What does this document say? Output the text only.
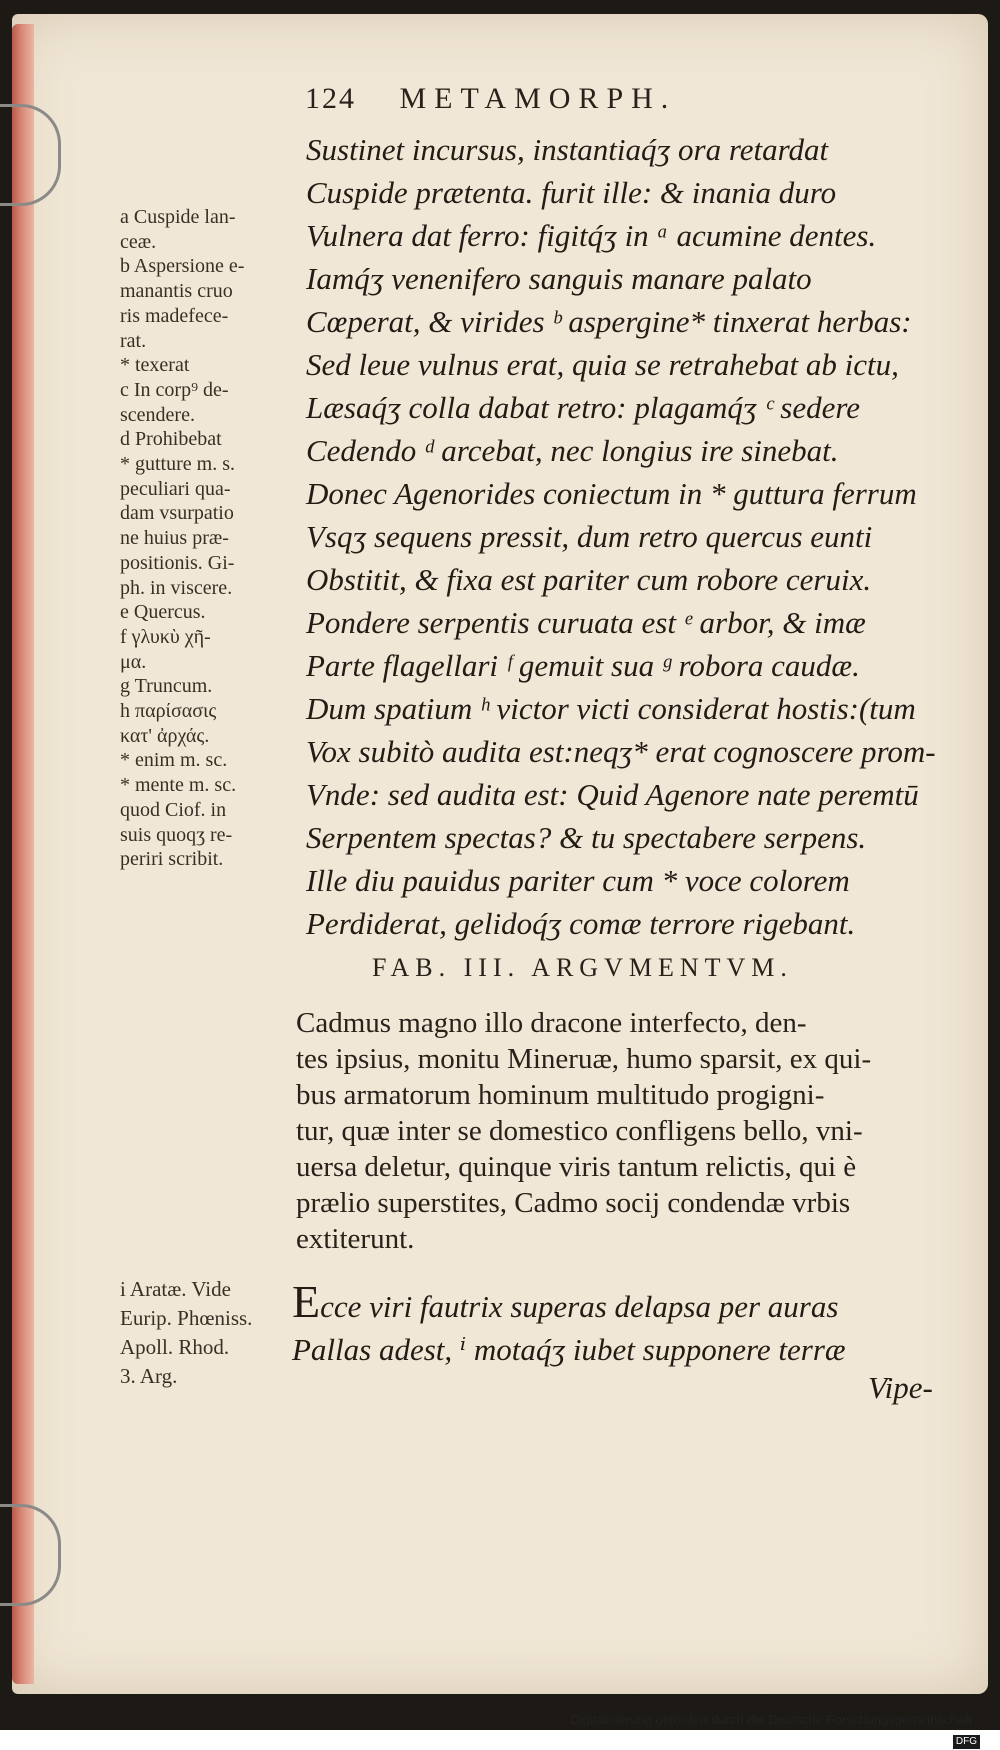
124 METAMORPH.
Sustinet incursus, instantiaq́ʒ ora retardat
Cuspide prætenta. furit ille: & inania duro
Vulnera dat ferro: figitq́ʒ in ᵃ acumine dentes.
Iamq́ʒ venenifero sanguis manare palato
Cœperat, & virides ᵇ aspergine* tinxerat herbas:
Sed leue vulnus erat, quia se retrahebat ab ictu,
Læsaq́ʒ colla dabat retro: plagamq́ʒ ᶜ sedere
Cedendo ᵈ arcebat, nec longius ire sinebat.
Donec Agenorides coniectum in * guttura ferrum
Vsqʒ sequens pressit, dum retro quercus eunti
Obstitit, & fixa est pariter cum robore ceruix.
Pondere serpentis curuata est ᵉ arbor, & imæ
Parte flagellari ᶠ gemuit sua ᵍ robora caudæ.
Dum spatium ʰ victor victi considerat hostis:(tum
Vox subitò audita est:neqʒ* erat cognoscere prom-
Vnde: sed audita est: Quid Agenore nate peremtū
Serpentem spectas? & tu spectabere serpens.
Ille diu pauidus pariter cum * voce colorem
Perdiderat, gelidoq́ʒ comæ terrore rigebant.
a Cuspide lan-
ceæ.
b Aspersione e-
manantis cruo
ris madefece-
rat.
* texerat
c In corp⁹ de-
scendere.
d Prohibebat
* gutture m. s.
peculiari qua-
dam vsurpatio
ne huius præ-
positionis. Gi-
ph. in viscere.
e Quercus.
f γλυκὺ χῆ-
μα.
g Truncum.
h παρίσασις
κατ' ἀρχάς.
* enim m. sc.
* mente m. sc.
quod Ciof. in
suis quoqʒ re-
periri scribit.
FAB. III. ARGVMENTVM.
Cadmus magno illo dracone interfecto, den-
tes ipsius, monitu Mineruæ, humo sparsit, ex qui-
bus armatorum hominum multitudo progigni-
tur, quæ inter se domestico confligens bello, vni-
uersa deletur, quinque viris tantum relictis, qui è
prælio superstites, Cadmo socij condendæ vrbis
extiterunt.
i Aratæ. Vide
Eurip. Phœniss.
Apoll. Rhod.
3. Arg.
Ecce viri fautrix superas delapsa per auras
Pallas adest, ⁱ motaq́ʒ iubet supponere terræ
Vipe-
Digitalisierung gefördert durch die Deutsche Forschungsgemeinschaft ·DFG
